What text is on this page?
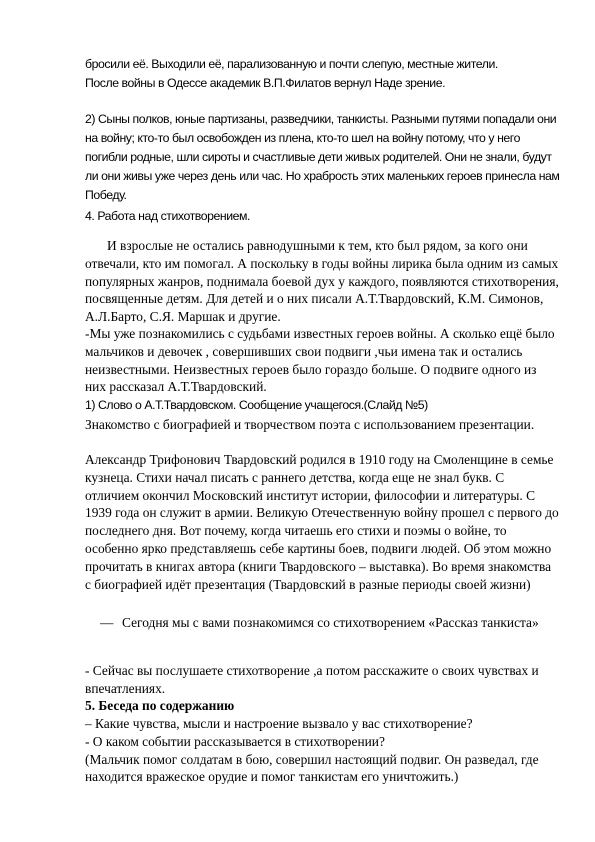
бросили её. Выходили её, парализованную и почти слепую, местные жители.

После войны в Одессе академик В.П.Филатов вернул Наде зрение.

2) Сыны полков, юные партизаны, разведчики, танкисты. Разными путями попадали они на войну; кто-то был освобожден из плена, кто-то шел на войну потому, что у него погибли родные, шли сироты и счастливые дети живых родителей. Они не знали, будут ли они живы уже через день или час. Но храбрость этих маленьких героев принесла нам Победу.

4. Работа над стихотворением.

И взрослые не остались равнодушными к тем, кто был рядом, за кого они отвечали, кто им помогал. А поскольку в годы войны лирика была одним из самых популярных жанров, поднимала боевой дух у каждого, появляются стихотворения, посвященные детям. Для детей и о них писали А.Т.Твардовский, К.М. Симонов, А.Л.Барто, С.Я. Маршак и другие.

-Мы уже познакомились с судьбами известных героев войны. А сколько ещё было мальчиков и девочек , совершивших свои подвиги ,чьи имена так и остались неизвестными. Неизвестных героев было гораздо больше. О подвиге одного из них рассказал А.Т.Твардовский.

1) Слово о А.Т.Твардовском. Сообщение учащегося.(Слайд №5)

Знакомство с биографией и творчеством поэта с использованием презентации.

Александр Трифонович Твардовский родился в 1910 году на Смоленщине в семье кузнеца. Стихи начал писать с раннего детства, когда еще не знал букв. С отличием окончил Московский институт истории, философии и литературы. С 1939 года он служит в армии. Великую Отечественную войну прошел с первого до последнего дня. Вот почему, когда читаешь его стихи и поэмы о войне, то особенно ярко представляешь себе картины боев, подвиги людей. Об этом можно прочитать в книгах автора (книги Твардовского – выставка). Во время знакомства с биографией идёт презентация (Твардовский в разные периоды своей жизни)

— Сегодня мы с вами познакомимся со стихотворением «Рассказ танкиста»

- Сейчас вы послушаете стихотворение ,а потом расскажите о своих чувствах и впечатлениях.

5. Беседа по содержанию

– Какие чувства, мысли и настроение вызвало у вас стихотворение?

- О каком событии рассказывается в стихотворении?

(Мальчик помог солдатам в бою, совершил настоящий подвиг. Он разведал, где находится вражеское орудие и помог танкистам его уничтожить.)
